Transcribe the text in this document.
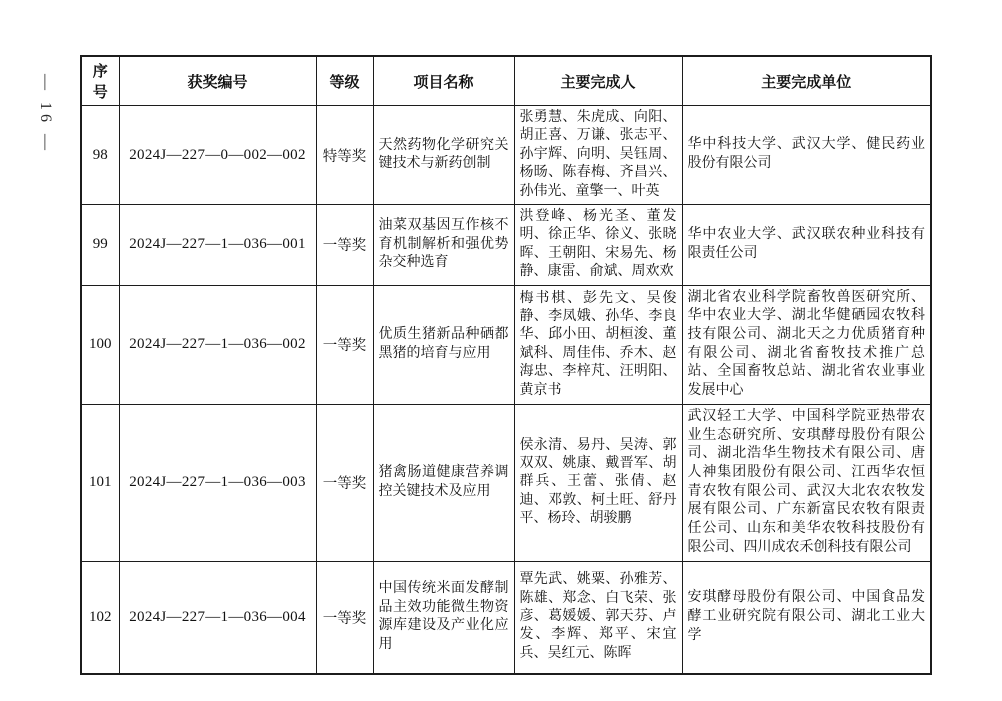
— 16 —
序号	获奖编号	等级	项目名称	主要完成人	主要完成单位
98	2024J—227—0—002—002	特等奖	天然药物化学研究关键技术与新药创制	张勇慧、朱虎成、向阳、胡正喜、万谦、张志平、孙宇辉、向明、吴钰周、杨旸、陈春梅、齐昌兴、孙伟光、童擎一、叶英	华中科技大学、武汉大学、健民药业股份有限公司
99	2024J—227—1—036—001	一等奖	油菜双基因互作核不育机制解析和强优势杂交种选育	洪登峰、杨光圣、董发明、徐正华、徐义、张晓晖、王朝阳、宋易先、杨静、康雷、俞斌、周欢欢	华中农业大学、武汉联农种业科技有限责任公司
100	2024J—227—1—036—002	一等奖	优质生猪新品种硒都黑猪的培育与应用	梅书棋、彭先文、吴俊静、李凤娥、孙华、李良华、邱小田、胡桓浚、董斌科、周佳伟、乔木、赵海忠、李梓芃、汪明阳、黄京书	湖北省农业科学院畜牧兽医研究所、华中农业大学、湖北华健硒园农牧科技有限公司、湖北天之力优质猪育种有限公司、湖北省畜牧技术推广总站、全国畜牧总站、湖北省农业事业发展中心
101	2024J—227—1—036—003	一等奖	猪禽肠道健康营养调控关键技术及应用	侯永清、易丹、吴涛、郭双双、姚康、戴晋军、胡群兵、王蕾、张倩、赵迪、邓敦、柯土旺、舒丹平、杨玲、胡骏鹏	武汉轻工大学、中国科学院亚热带农业生态研究所、安琪酵母股份有限公司、湖北浩华生物技术有限公司、唐人神集团股份有限公司、江西华农恒青农牧有限公司、武汉大北农农牧发展有限公司、广东新富民农牧有限责任公司、山东和美华农牧科技股份有限公司、四川成农禾创科技有限公司
102	2024J—227—1—036—004	一等奖	中国传统米面发酵制品主效功能微生物资源库建设及产业化应用	覃先武、姚粟、孙雅芳、陈雄、郑念、白飞荣、张彦、葛媛媛、郭天芬、卢发、李辉、郑平、宋宜兵、吴红元、陈晖	安琪酵母股份有限公司、中国食品发酵工业研究院有限公司、湖北工业大学
